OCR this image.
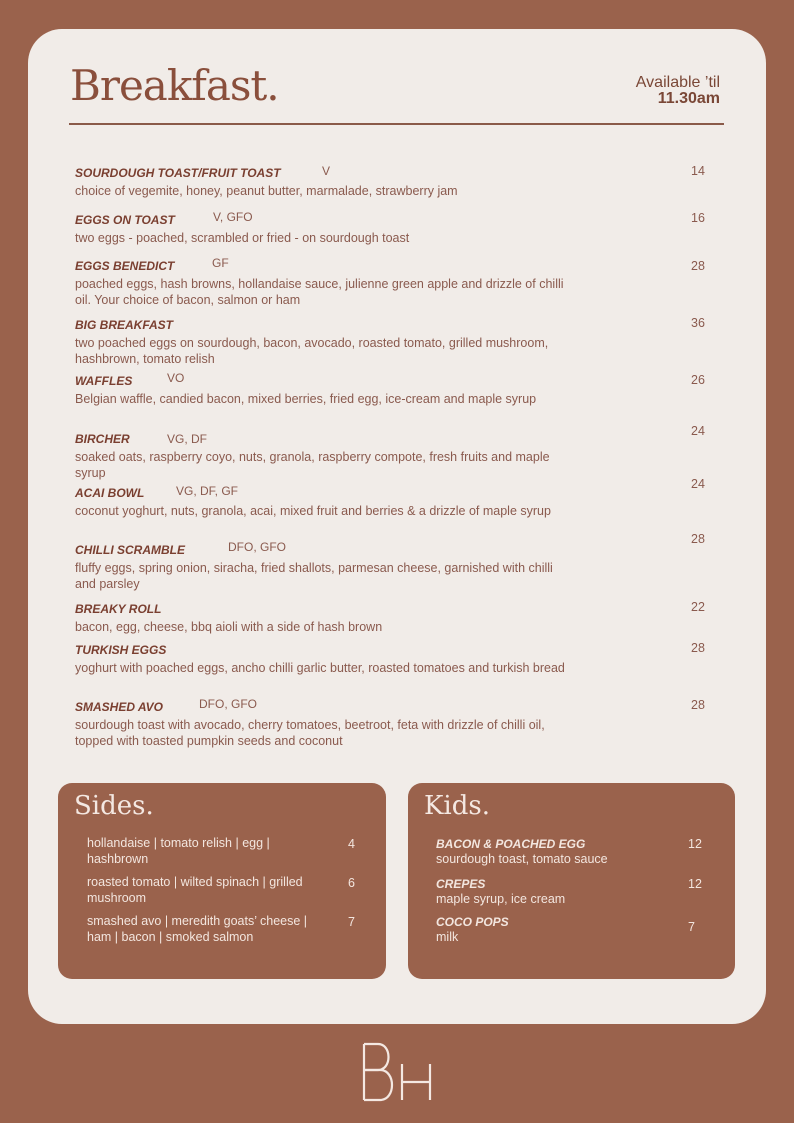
Breakfast.	Available ’til
11.30am
SOURDOUGH TOAST/FRUIT TOAST	V
choice of vegemite, honey, peanut butter, marmalade, strawberry jam
14
EGGS ON TOAST	V, GFO
two eggs - poached, scrambled or fried - on sourdough toast
16
EGGS BENEDICT	GF
poached eggs, hash browns, hollandaise sauce, julienne green apple and drizzle of chilli oil. Your choice of bacon, salmon or ham
28
BIG BREAKFAST
two poached eggs on sourdough, bacon, avocado, roasted tomato, grilled mushroom, hashbrown, tomato relish
36
WAFFLES	VO
Belgian waffle, candied bacon, mixed berries, fried egg, ice-cream and maple syrup
26
BIRCHER	VG, DF
soaked oats, raspberry coyo, nuts, granola, raspberry compote, fresh fruits and maple syrup
24
ACAI BOWL	VG, DF, GF
coconut yoghurt, nuts, granola, acai, mixed fruit and berries & a drizzle of maple syrup
24
CHILLI SCRAMBLE	DFO, GFO
fluffy eggs, spring onion, siracha, fried shallots, parmesan cheese, garnished with chilli and parsley
28
BREAKY ROLL
bacon, egg, cheese, bbq aioli with a side of hash brown
22
TURKISH EGGS
yoghurt with poached eggs, ancho chilli garlic butter, roasted tomatoes and turkish bread
28
SMASHED AVO	DFO, GFO
sourdough toast with avocado, cherry tomatoes, beetroot, feta with drizzle of chilli oil, topped with toasted pumpkin seeds and coconut
28
Sides.
hollandaise | tomato relish | egg | hashbrown
4
roasted tomato | wilted spinach | grilled mushroom
6
smashed avo | meredith goats’ cheese | ham | bacon | smoked salmon
7
Kids.
BACON & POACHED EGG
sourdough toast, tomato sauce
12
CREPES
maple syrup, ice cream
12
COCO POPS
milk
7
